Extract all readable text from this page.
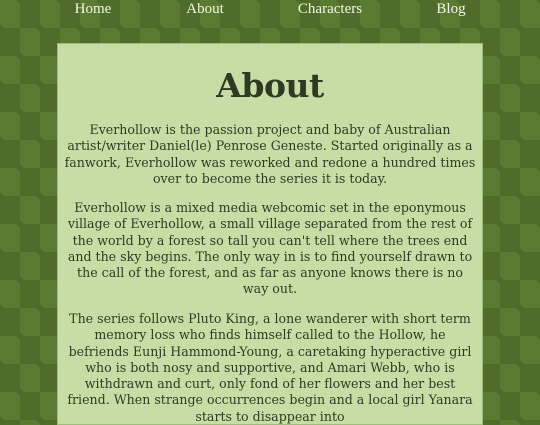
Home	About	Characters	Blog
About

Everhollow is the passion project and baby of Australian artist/writer Daniel(le) Penrose Geneste. Started originally as a fanwork, Everhollow was reworked and redone a hundred times over to become the series it is today.

Everhollow is a mixed media webcomic set in the eponymous village of Everhollow, a small village separated from the rest of the world by a forest so tall you can't tell where the trees end and the sky begins. The only way in is to find yourself drawn to the call of the forest, and as far as anyone knows there is no way out.

The series follows Pluto King, a lone wanderer with short term memory loss who finds himself called to the Hollow, he befriends Eunji Hammond-Young, a caretaking hyperactive girl who is both nosy and supportive, and Amari Webb, who is withdrawn and curt, only fond of her flowers and her best friend. When strange occurrences begin and a local girl Yanara starts to disappear into
